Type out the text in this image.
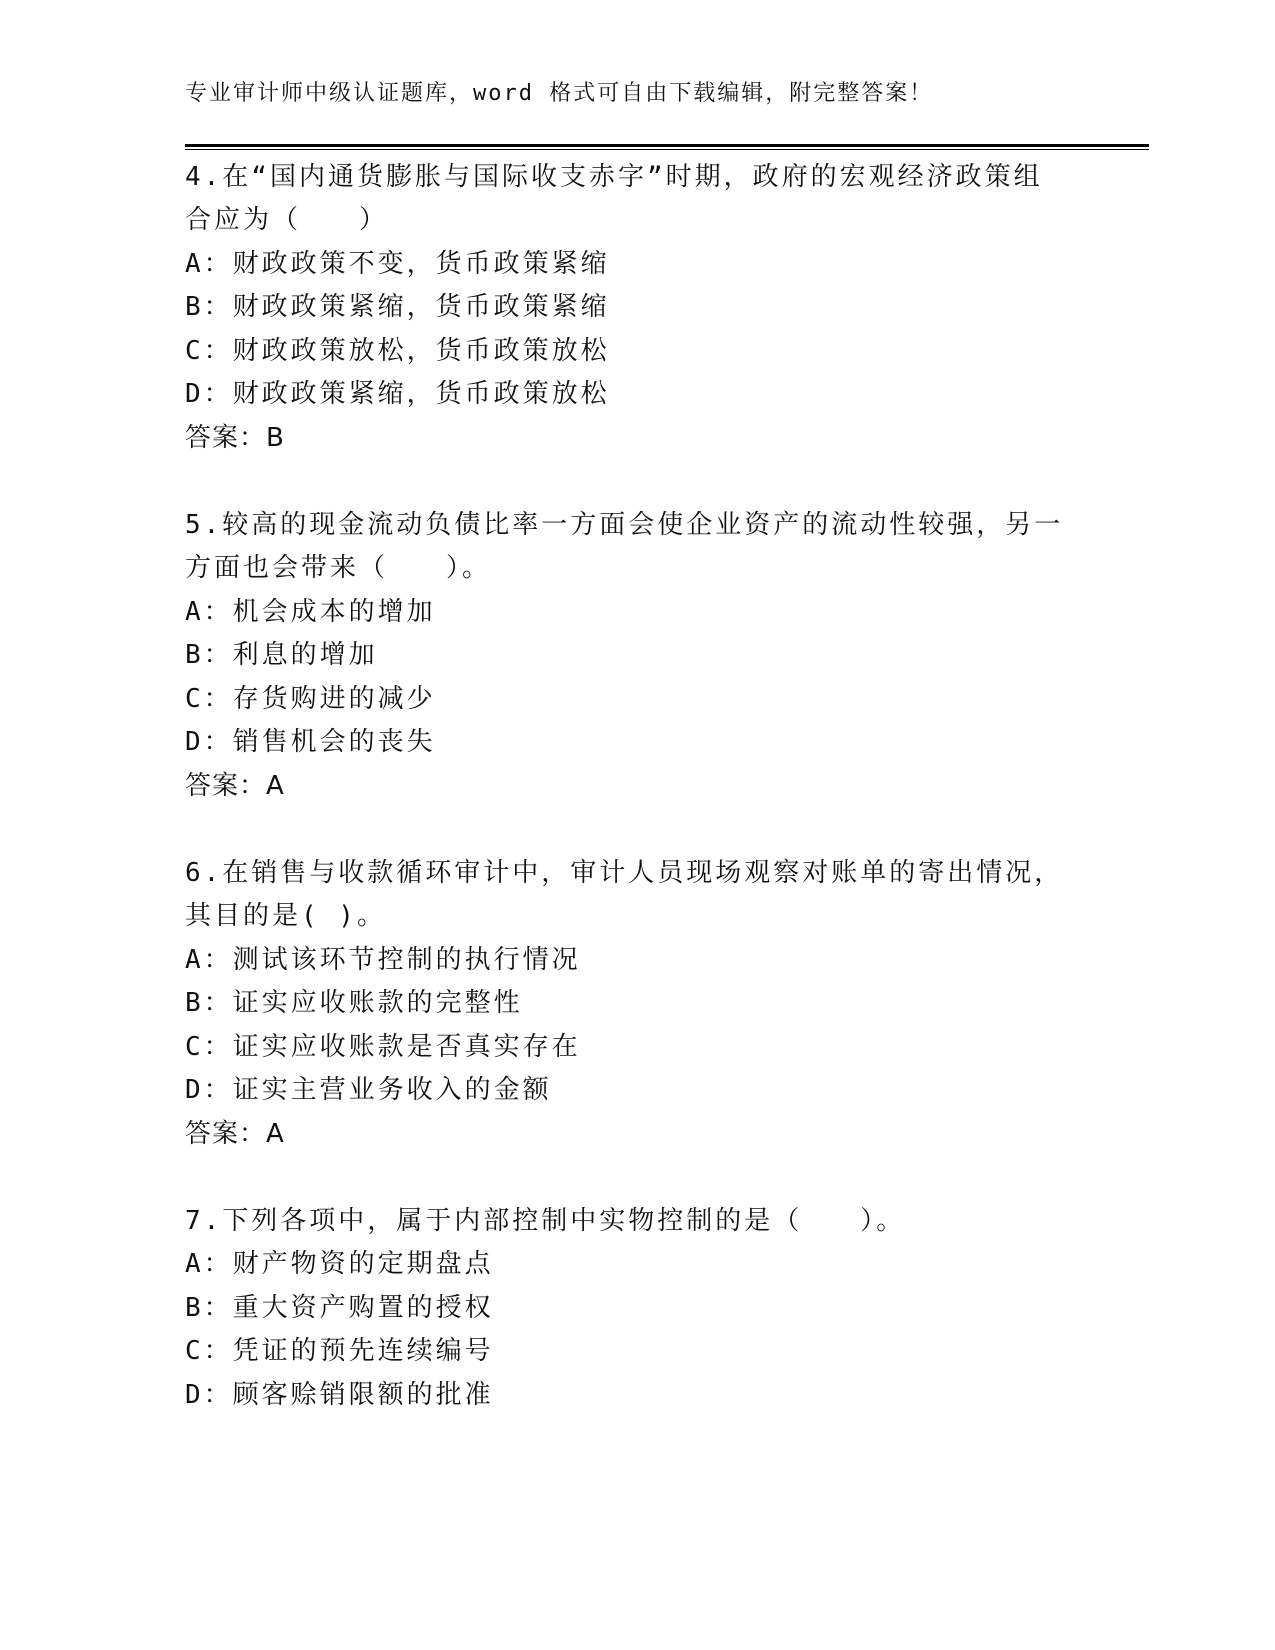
专业审计师中级认证题库，word 格式可自由下载编辑，附完整答案！
4.在“国内通货膨胀与国际收支赤字”时期，政府的宏观经济政策组
合应为（　　）
A：财政政策不变，货币政策紧缩
B：财政政策紧缩，货币政策紧缩
C：财政政策放松，货币政策放松
D：财政政策紧缩，货币政策放松
答案：B
5.较高的现金流动负债比率一方面会使企业资产的流动性较强，另一
方面也会带来（　　）。
A：机会成本的增加
B：利息的增加
C：存货购进的减少
D：销售机会的丧失
答案：A
6.在销售与收款循环审计中，审计人员现场观察对账单的寄出情况，
其目的是( )。
A：测试该环节控制的执行情况
B：证实应收账款的完整性
C：证实应收账款是否真实存在
D：证实主营业务收入的金额
答案：A
7.下列各项中，属于内部控制中实物控制的是（　　）。
A：财产物资的定期盘点
B：重大资产购置的授权
C：凭证的预先连续编号
D：顾客赊销限额的批准
